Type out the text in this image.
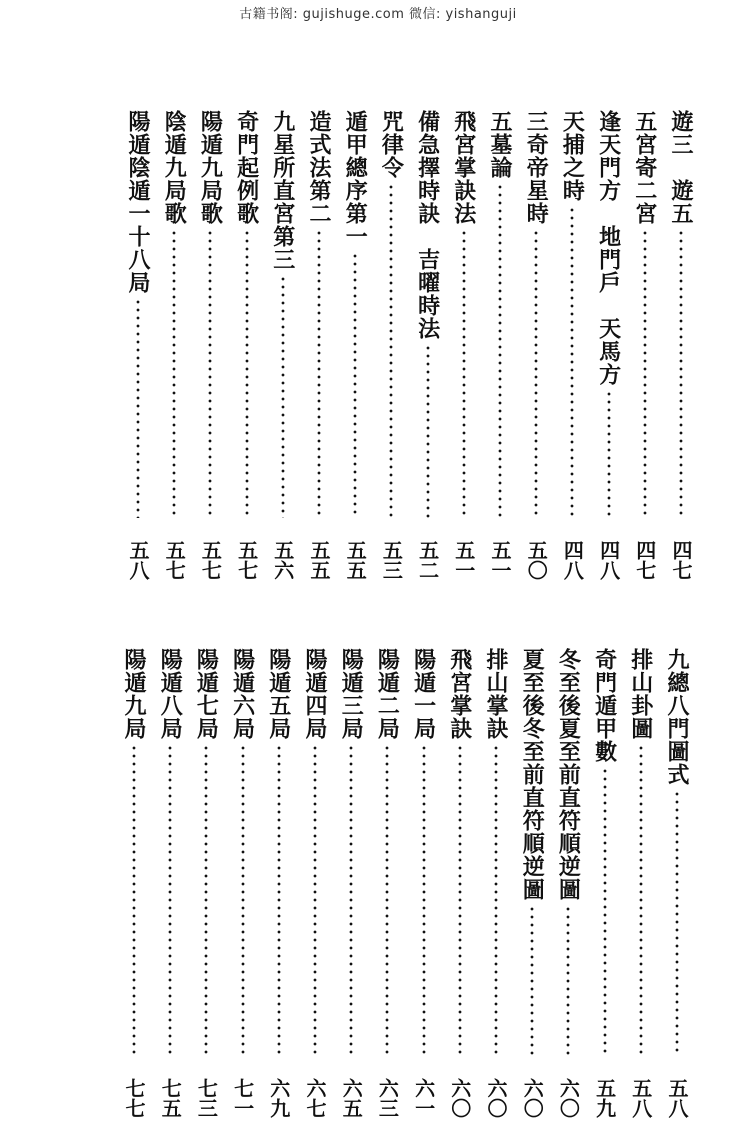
古籍书阁: gujishuge.com 微信: yishanguji
遊三　遊五
四七
五宮寄二宮
四七
逢天門方　地門戶　天馬方
四八
天捕之時
四八
三奇帝星時
五〇
五墓論
五一
飛宮掌訣法
五一
備急擇時訣　吉曜時法
五二
咒律令
五三
遁甲總序第一
五五
造式法第二
五五
九星所直宮第三
五六
奇門起例歌
五七
陽遁九局歌
五七
陰遁九局歌
五七
陽遁陰遁一十八局
五八
九總八門圖式
五八
排山卦圖
五八
奇門遁甲數
五九
冬至後夏至前直符順逆圖
六〇
夏至後冬至前直符順逆圖
六〇
排山掌訣
六〇
飛宮掌訣
六〇
陽遁一局
六一
陽遁二局
六三
陽遁三局
六五
陽遁四局
六七
陽遁五局
六九
陽遁六局
七一
陽遁七局
七三
陽遁八局
七五
陽遁九局
七七
